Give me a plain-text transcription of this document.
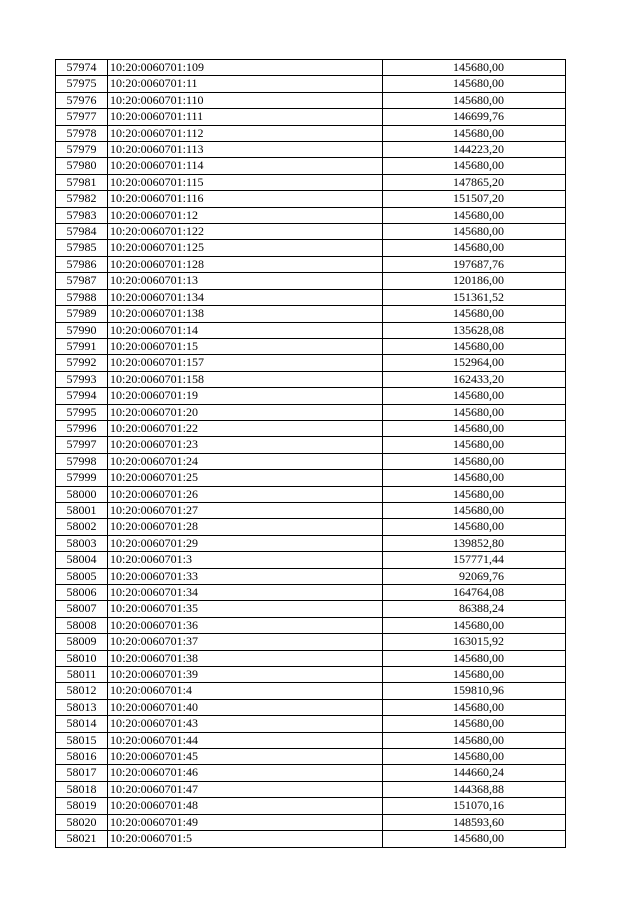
57974	10:20:0060701:109	145680,00
57975	10:20:0060701:11	145680,00
57976	10:20:0060701:110	145680,00
57977	10:20:0060701:111	146699,76
57978	10:20:0060701:112	145680,00
57979	10:20:0060701:113	144223,20
57980	10:20:0060701:114	145680,00
57981	10:20:0060701:115	147865,20
57982	10:20:0060701:116	151507,20
57983	10:20:0060701:12	145680,00
57984	10:20:0060701:122	145680,00
57985	10:20:0060701:125	145680,00
57986	10:20:0060701:128	197687,76
57987	10:20:0060701:13	120186,00
57988	10:20:0060701:134	151361,52
57989	10:20:0060701:138	145680,00
57990	10:20:0060701:14	135628,08
57991	10:20:0060701:15	145680,00
57992	10:20:0060701:157	152964,00
57993	10:20:0060701:158	162433,20
57994	10:20:0060701:19	145680,00
57995	10:20:0060701:20	145680,00
57996	10:20:0060701:22	145680,00
57997	10:20:0060701:23	145680,00
57998	10:20:0060701:24	145680,00
57999	10:20:0060701:25	145680,00
58000	10:20:0060701:26	145680,00
58001	10:20:0060701:27	145680,00
58002	10:20:0060701:28	145680,00
58003	10:20:0060701:29	139852,80
58004	10:20:0060701:3	157771,44
58005	10:20:0060701:33	92069,76
58006	10:20:0060701:34	164764,08
58007	10:20:0060701:35	86388,24
58008	10:20:0060701:36	145680,00
58009	10:20:0060701:37	163015,92
58010	10:20:0060701:38	145680,00
58011	10:20:0060701:39	145680,00
58012	10:20:0060701:4	159810,96
58013	10:20:0060701:40	145680,00
58014	10:20:0060701:43	145680,00
58015	10:20:0060701:44	145680,00
58016	10:20:0060701:45	145680,00
58017	10:20:0060701:46	144660,24
58018	10:20:0060701:47	144368,88
58019	10:20:0060701:48	151070,16
58020	10:20:0060701:49	148593,60
58021	10:20:0060701:5	145680,00
